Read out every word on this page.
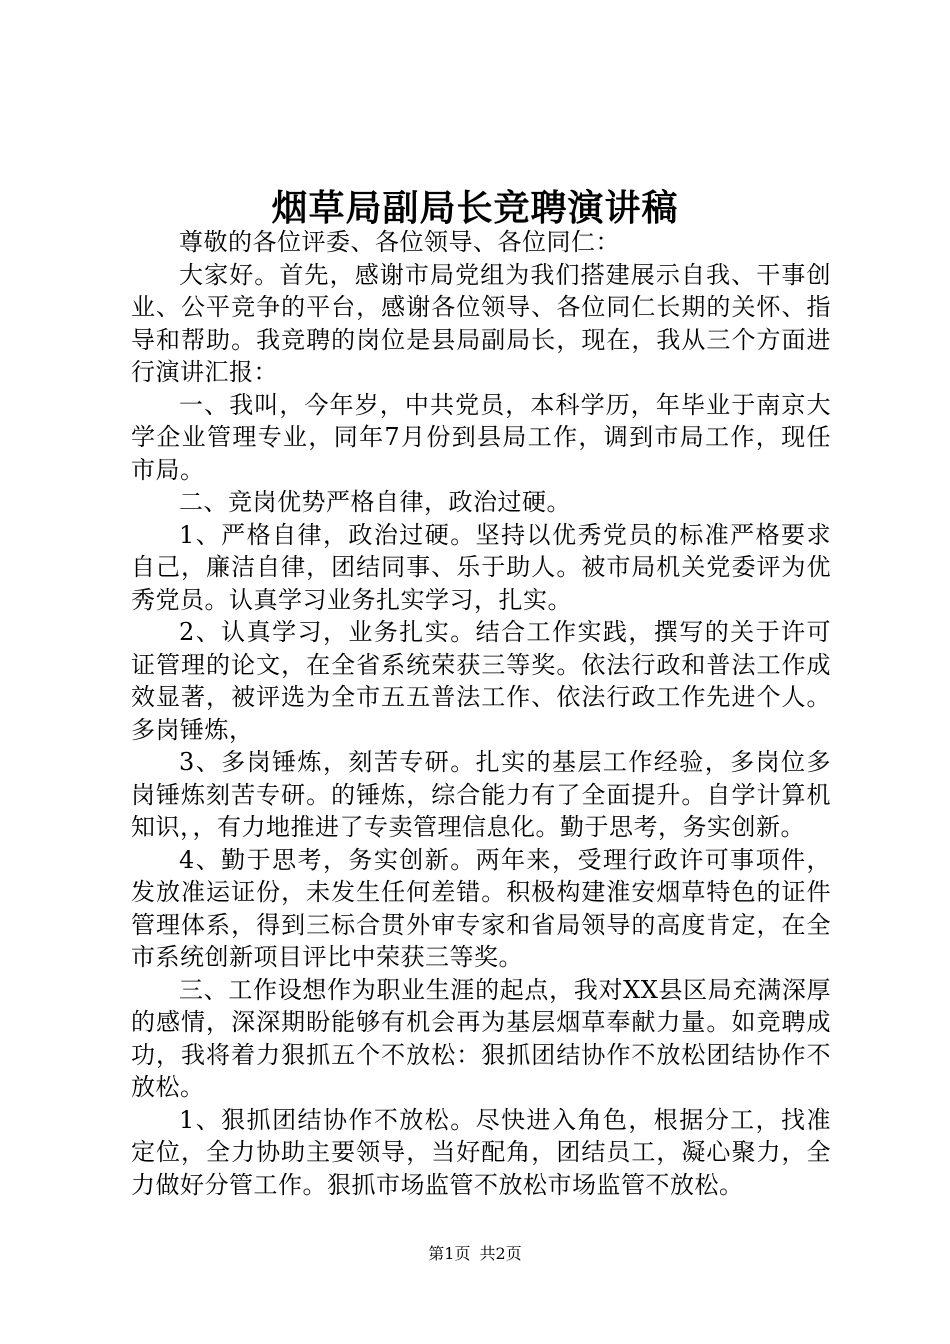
烟草局副局长竞聘演讲稿

尊敬的各位评委、各位领导、各位同仁：

大家好。首先，感谢市局党组为我们搭建展示自我、干事创业、公平竞争的平台，感谢各位领导、各位同仁长期的关怀、指导和帮助。我竞聘的岗位是县局副局长，现在，我从三个方面进行演讲汇报：

一、我叫，今年岁，中共党员，本科学历，年毕业于南京大学企业管理专业，同年7月份到县局工作，调到市局工作，现任市局。

二、竞岗优势严格自律，政治过硬。

1、严格自律，政治过硬。坚持以优秀党员的标准严格要求自己，廉洁自律，团结同事、乐于助人。被市局机关党委评为优秀党员。认真学习业务扎实学习，扎实。

2、认真学习，业务扎实。结合工作实践，撰写的关于许可证管理的论文，在全省系统荣获三等奖。依法行政和普法工作成效显著，被评选为全市五五普法工作、依法行政工作先进个人。多岗锤炼，

3、多岗锤炼，刻苦专研。扎实的基层工作经验，多岗位多岗锤炼刻苦专研。的锤炼，综合能力有了全面提升。自学计算机知识，，有力地推进了专卖管理信息化。勤于思考，务实创新。

4、勤于思考，务实创新。两年来，受理行政许可事项件，发放准运证份，未发生任何差错。积极构建淮安烟草特色的证件管理体系，得到三标合贯外审专家和省局领导的高度肯定，在全市系统创新项目评比中荣获三等奖。

三、工作设想作为职业生涯的起点，我对XX县区局充满深厚的感情，深深期盼能够有机会再为基层烟草奉献力量。如竞聘成功，我将着力狠抓五个不放松：狠抓团结协作不放松团结协作不放松。

1、狠抓团结协作不放松。尽快进入角色，根据分工，找准定位，全力协助主要领导，当好配角，团结员工，凝心聚力，全力做好分管工作。狠抓市场监管不放松市场监管不放松。

第1页 共2页
